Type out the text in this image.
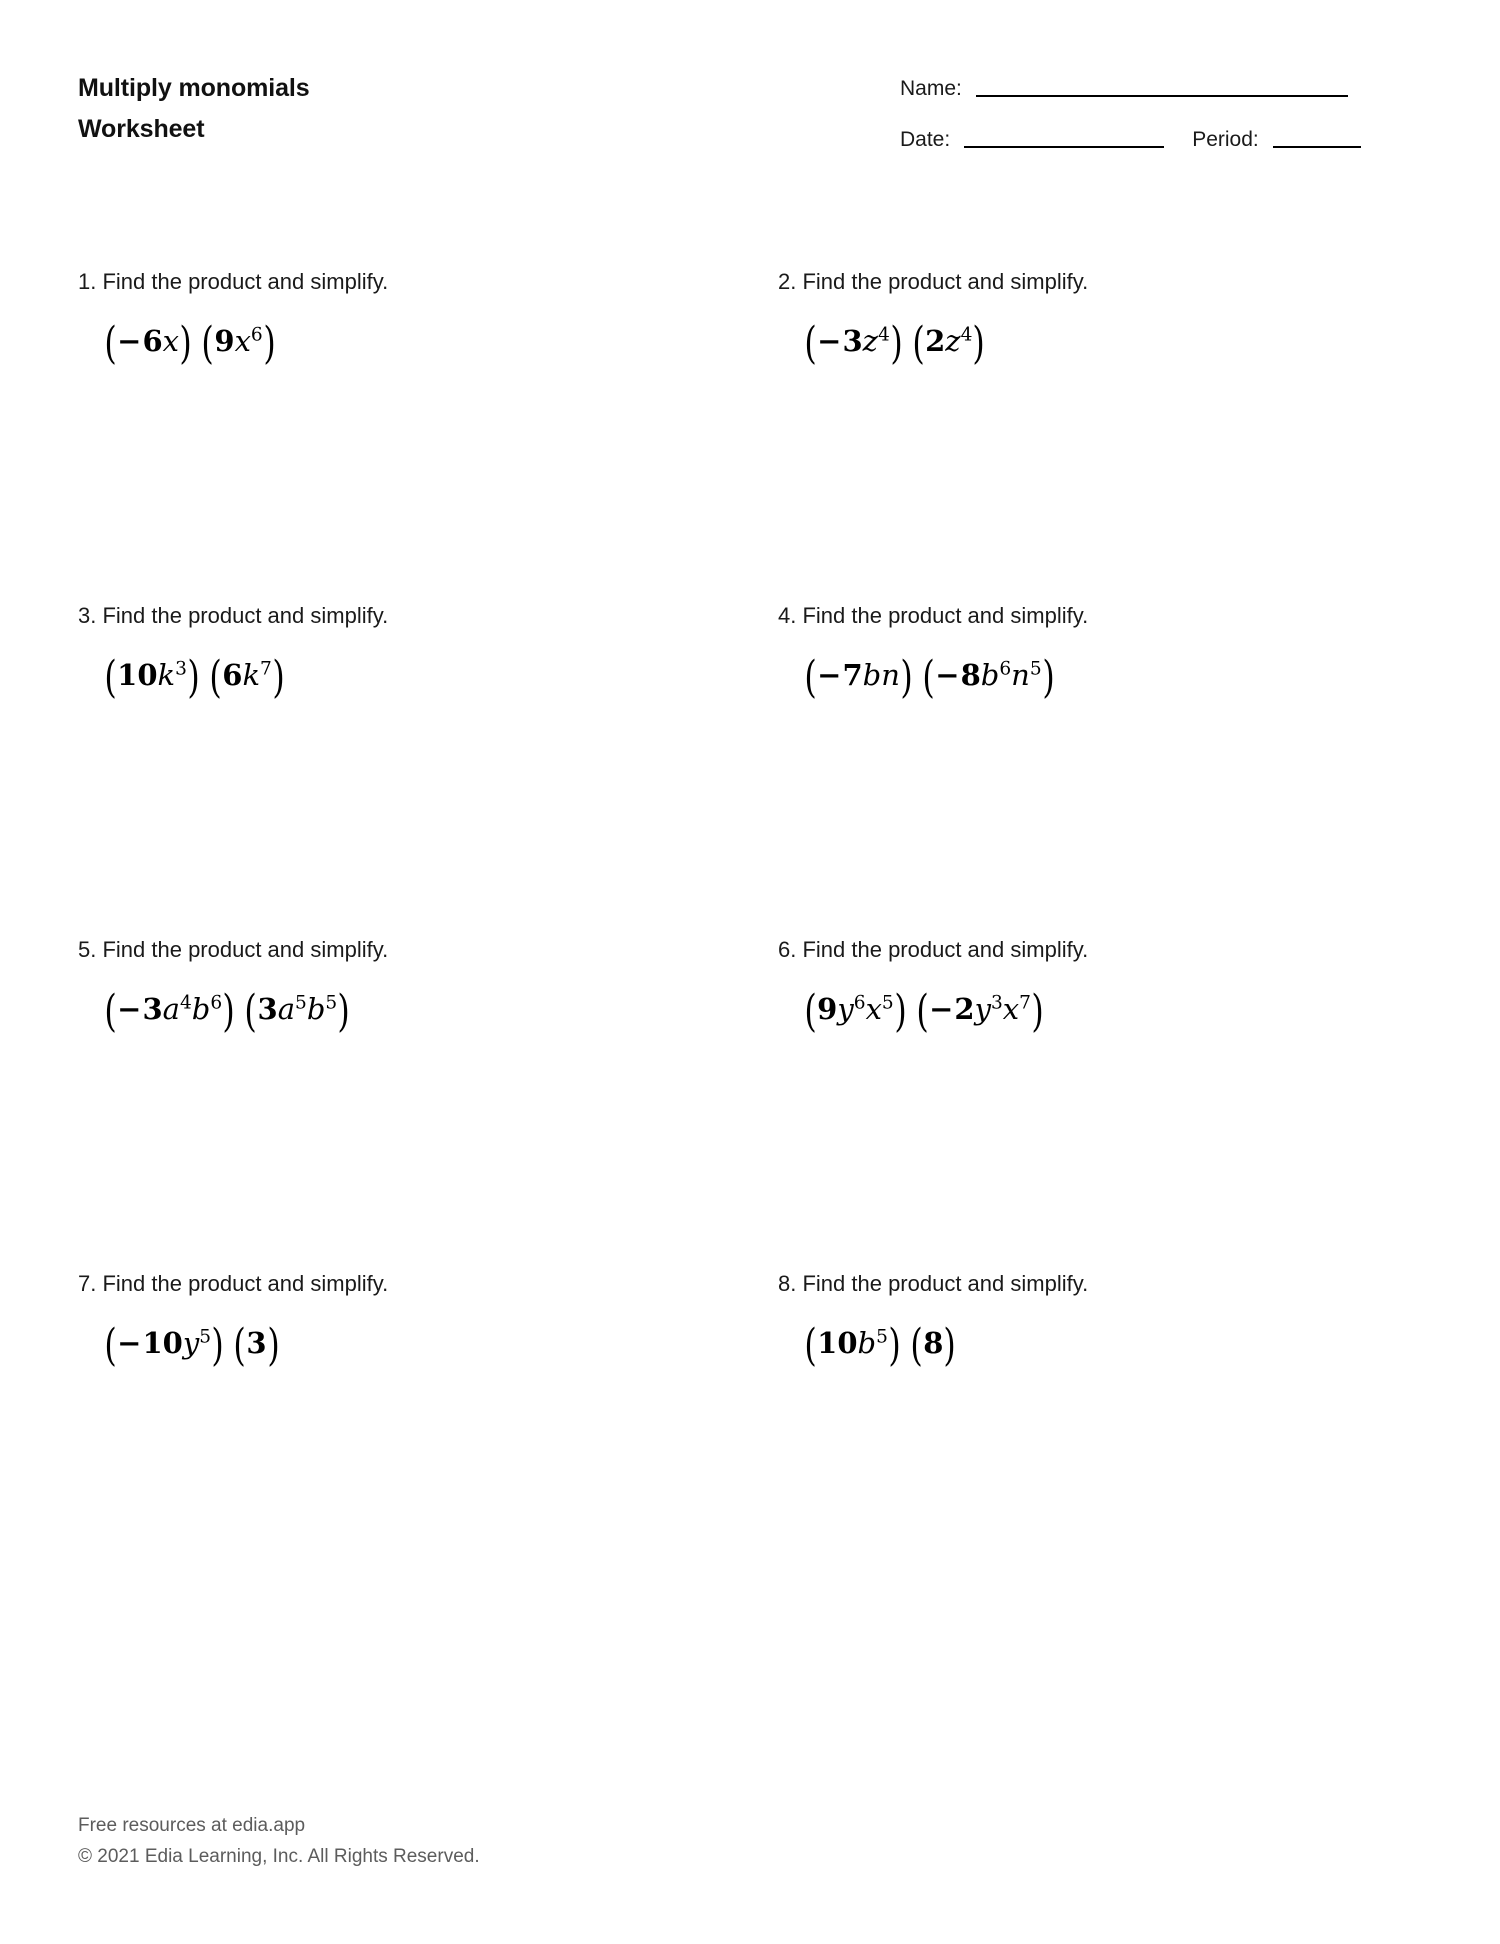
Multiply monomials
Worksheet
Name:
Date:	Period:
1. Find the product and simplify.
(−6x) $(9x^6)$
2. Find the product and simplify.
$(-3z^4)$ $(2z^4)$
3. Find the product and simplify.
$(10k^3)$ $(6k^7)$
4. Find the product and simplify.
(−7bn) $(-8b^6n^5)$
5. Find the product and simplify.
$(-3a^4b^6)$ $(3a^5b^5)$
6. Find the product and simplify.
$(9y^6x^5)$ $(-2y^3x^7)$
7. Find the product and simplify.
$(-10y^5)$ (3)
8. Find the product and simplify.
$(10b^5)$ (8)
Free resources at edia.app
© 2021 Edia Learning, Inc. All Rights Reserved.
